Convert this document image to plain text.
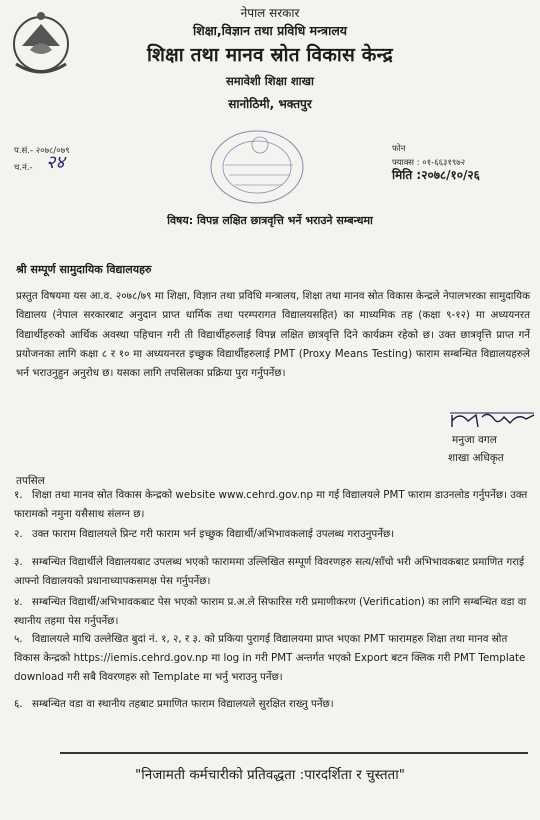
नेपाल सरकार
शिक्षा,विज्ञान तथा प्रविधि मन्त्रालय
शिक्षा तथा मानव स्रोत विकास केन्द्र
समावेशी शिक्षा शाखा
सानोठिमी, भक्तपुर
प.सं.- २०७८/०७९
च.नं.- २४
फोन
फ्याक्स : ०१-६६३१९७२
मिति :२०७८/१०/२६
विषय: विपन्न लक्षित छात्रवृत्ति भर्ने भराउने सम्बन्धमा
श्री सम्पूर्ण सामुदायिक विद्यालयहरु
प्रस्तुत विषयमा यस आ.व. २०७८/७९ मा शिक्षा, विज्ञान तथा प्रविधि मन्त्रालय, शिक्षा तथा मानव स्रोत विकास केन्द्रले नेपालभरका सामुदायिक विद्यालय (नेपाल सरकारबाट अनुदान प्राप्त धार्मिक तथा परम्परागत विद्यालयसहित) का माध्यमिक तह (कक्षा ९-१२) मा अध्ययनरत विद्यार्थीहरुको आर्थिक अवस्था पहिचान गरी ती विद्यार्थीहरुलाई विपन्न लक्षित छात्रवृत्ति दिने कार्यक्रम रहेको छ। उक्त छात्रवृत्ति प्राप्त गर्ने प्रयोजनका लागि कक्षा ८ र १० मा अध्ययनरत इच्छुक विद्यार्थीहरुलाई PMT (Proxy Means Testing) फाराम सम्बन्धित विद्यालयहरुले भर्न भराउनुहुन अनुरोध छ। यसका लागि तपसिलका प्रक्रिया पुरा गर्नुपर्नेछ।
मनुजा वगल
शाखा अधिकृत
तपसिल
१. शिक्षा तथा मानव स्रोत विकास केन्द्रको website www.cehrd.gov.np मा गई विद्यालयले PMT फाराम डाउनलोड गर्नुपर्नेछ। उक्त फारामको नमुना यसैसाथ संलग्न छ।
२. उक्त फाराम विद्यालयले प्रिन्ट गरी फाराम भर्न इच्छुक विद्यार्थी/अभिभावकलाई उपलब्ध गराउनुपर्नेछ।
३. सम्बन्धित विद्यार्थीले विद्यालयबाट उपलब्ध भएको फाराममा उल्लिखित सम्पूर्ण विवरणहरु सत्य/साँचो भरी अभिभावकबाट प्रमाणित गराई आफ्नो विद्यालयको प्रधानाध्यापकसमक्ष पेस गर्नुपर्नेछ।
४. सम्बन्धित विद्यार्थी/अभिभावकबाट पेस भएको फाराम प्र.अ.ले सिफारिस गरी प्रमाणीकरण (Verification) का लागि सम्बन्धित वडा वा स्थानीय तहमा पेस गर्नुपर्नेछ।
५. विद्यालयले माथि उल्लेखित बुदां नं. १, २, र ३. को प्रकिया पुरागई विद्यालयमा प्राप्त भएका PMT फारामहरु शिक्षा तथा मानव स्रोत विकास केन्द्रको https://iemis.cehrd.gov.np मा log in गरी PMT अन्तर्गत भएको Export बटन क्लिक गरी PMT Template download गरी सबै विवरणहरु सो Template मा भर्नु भराउनु पर्नेछ।
६. सम्बन्धित वडा वा स्थानीय तहबाट प्रमाणित फाराम विद्यालयले सुरक्षित राख्नु पर्नेछ।
"निजामती कर्मचारीको प्रतिवद्धता :पारदर्शिता र चुस्तता"
